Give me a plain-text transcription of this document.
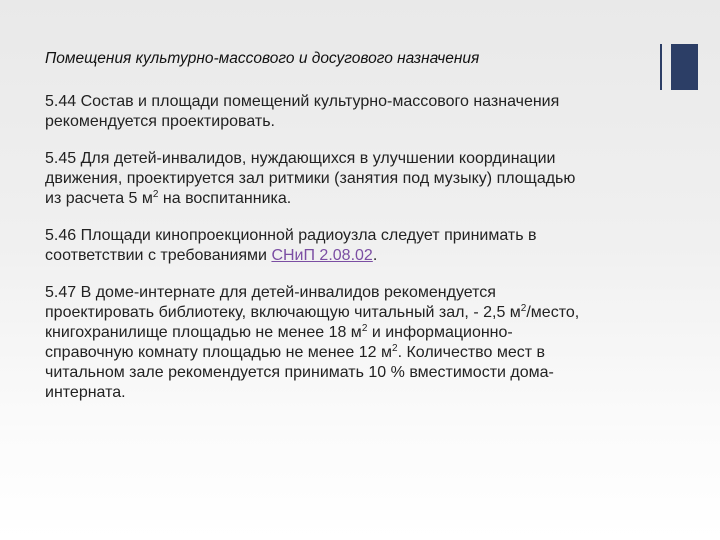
Помещения культурно-массового и досугового назначения

5.44 Состав и площади помещений культурно-массового назначения
рекомендуется проектировать.

5.45 Для детей-инвалидов, нуждающихся в улучшении координации
движения, проектируется зал ритмики (занятия под музыку) площадью
из расчета 5 $м^2$ на воспитанника.

5.46 Площади кинопроекционной радиоузла следует принимать в
соответствии с требованиями СНиП 2.08.02.

5.47 В доме-интернате для детей-инвалидов рекомендуется
проектировать библиотеку, включающую читальный зал, - 2,5 $м^2$/место,
книгохранилище площадью не менее 18 $м^2$ и информационно-
справочную комнату площадью не менее 12 $м^2$. Количество мест в
читальном зале рекомендуется принимать 10 % вместимости дома-
интерната.
